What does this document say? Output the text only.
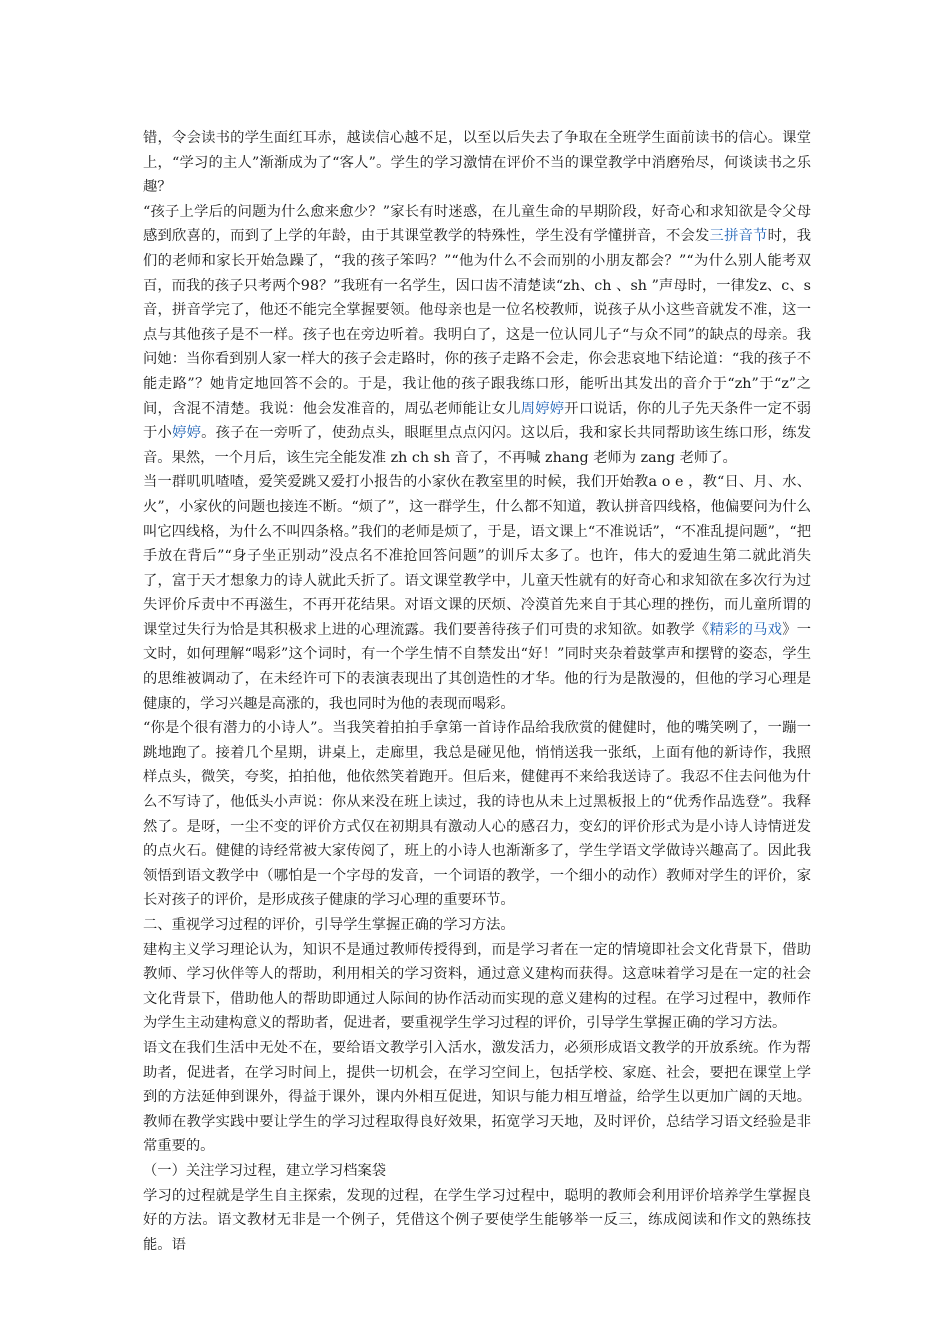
错，令会读书的学生面红耳赤，越读信心越不足，以至以后失去了争取在全班学生面前读书的信心。课堂上，“学习的主人”渐渐成为了“客人”。学生的学习激情在评价不当的课堂教学中消磨殆尽，何谈读书之乐趣？

“孩子上学后的问题为什么愈来愈少？”家长有时迷惑，在儿童生命的早期阶段，好奇心和求知欲是令父母感到欣喜的，而到了上学的年龄，由于其课堂教学的特殊性，学生没有学懂拼音，不会发三拼音节时，我们的老师和家长开始急躁了，“我的孩子笨吗？”“他为什么不会而别的小朋友都会？”“为什么别人能考双百，而我的孩子只考两个98？”我班有一名学生，因口齿不清楚读“zh、ch 、sh ”声母时，一律发z、c、s 音，拼音学完了，他还不能完全掌握要领。他母亲也是一位名校教师，说孩子从小这些音就发不准，这一点与其他孩子是不一样。孩子也在旁边听着。我明白了，这是一位认同儿子“与众不同”的缺点的母亲。我问她：当你看到别人家一样大的孩子会走路时，你的孩子走路不会走，你会悲哀地下结论道：“我的孩子不能走路”？她肯定地回答不会的。于是，我让他的孩子跟我练口形，能听出其发出的音介于“zh”于“z”之间，含混不清楚。我说：他会发准音的，周弘老师能让女儿周婷婷开口说话，你的儿子先天条件一定不弱于小婷婷。孩子在一旁听了，使劲点头，眼眶里点点闪闪。这以后，我和家长共同帮助该生练口形，练发音。果然，一个月后，该生完全能发准 zh ch sh 音了，不再喊 zhang 老师为 zang 老师了。

当一群叽叽喳喳，爱笑爱跳又爱打小报告的小家伙在教室里的时候，我们开始教a o e ，教“日、月、水、火”，小家伙的问题也接连不断。“烦了”，这一群学生，什么都不知道，教认拼音四线格，他偏要问为什么叫它四线格，为什么不叫四条格。”我们的老师是烦了，于是，语文课上“不准说话”，“不准乱提问题”，“把手放在背后”“身子坐正别动”没点名不准抢回答问题”的训斥太多了。也许，伟大的爱迪生第二就此消失了，富于天才想象力的诗人就此夭折了。语文课堂教学中，儿童天性就有的好奇心和求知欲在多次行为过失评价斥责中不再滋生，不再开花结果。对语文课的厌烦、冷漠首先来自于其心理的挫伤，而儿童所谓的课堂过失行为恰是其积极求上进的心理流露。我们要善待孩子们可贵的求知欲。如教学《精彩的马戏》一文时，如何理解“喝彩”这个词时，有一个学生情不自禁发出“好！”同时夹杂着鼓掌声和摆臂的姿态，学生的思维被调动了，在未经许可下的表演表现出了其创造性的才华。他的行为是散漫的，但他的学习心理是健康的，学习兴趣是高涨的，我也同时为他的表现而喝彩。

“你是个很有潜力的小诗人”。当我笑着拍拍手拿第一首诗作品给我欣赏的健健时，他的嘴笑咧了，一蹦一跳地跑了。接着几个星期，讲桌上，走廊里，我总是碰见他，悄悄送我一张纸，上面有他的新诗作，我照样点头，微笑，夸奖，拍拍他，他依然笑着跑开。但后来，健健再不来给我送诗了。我忍不住去问他为什么不写诗了，他低头小声说：你从来没在班上读过，我的诗也从未上过黑板报上的“优秀作品选登”。我释然了。是呀，一尘不变的评价方式仅在初期具有激动人心的感召力，变幻的评价形式为是小诗人诗情迸发的点火石。健健的诗经常被大家传阅了，班上的小诗人也渐渐多了，学生学语文学做诗兴趣高了。因此我领悟到语文教学中（哪怕是一个字母的发音，一个词语的教学，一个细小的动作）教师对学生的评价，家长对孩子的评价，是形成孩子健康的学习心理的重要环节。

二、重视学习过程的评价，引导学生掌握正确的学习方法。

建构主义学习理论认为，知识不是通过教师传授得到，而是学习者在一定的情境即社会文化背景下，借助教师、学习伙伴等人的帮助，利用相关的学习资料，通过意义建构而获得。这意味着学习是在一定的社会文化背景下，借助他人的帮助即通过人际间的协作活动而实现的意义建构的过程。在学习过程中，教师作为学生主动建构意义的帮助者，促进者，要重视学生学习过程的评价，引导学生掌握正确的学习方法。

语文在我们生活中无处不在，要给语文教学引入活水，激发活力，必须形成语文教学的开放系统。作为帮助者，促进者，在学习时间上，提供一切机会，在学习空间上，包括学校、家庭、社会，要把在课堂上学到的方法延伸到课外，得益于课外，课内外相互促进，知识与能力相互增益，给学生以更加广阔的天地。教师在教学实践中要让学生的学习过程取得良好效果，拓宽学习天地，及时评价，总结学习语文经验是非常重要的。

（一）关注学习过程，建立学习档案袋

学习的过程就是学生自主探索，发现的过程，在学生学习过程中，聪明的教师会利用评价培养学生掌握良好的方法。语文教材无非是一个例子，凭借这个例子要使学生能够举一反三，练成阅读和作文的熟练技能。语
